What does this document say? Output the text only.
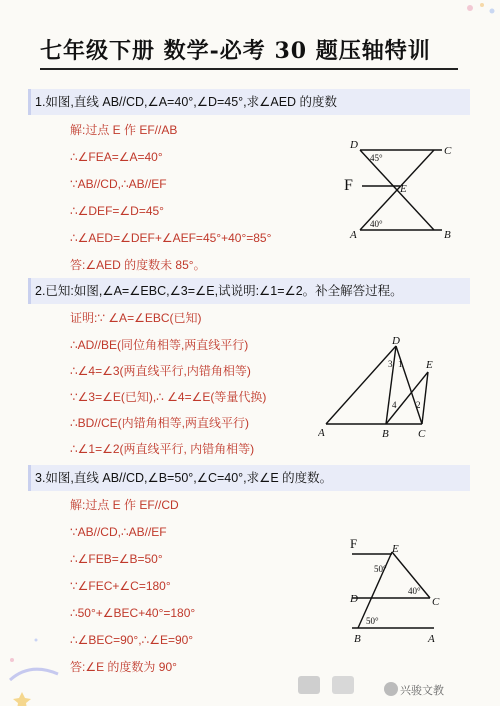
七年级下册 数学-必考 30 题压轴特训
1.如图,直线 AB//CD,∠A=40°,∠D=45°,求∠AED 的度数
解:过点 E 作 EF//AB
∴∠FEA=∠A=40°
∵AB//CD,∴AB//EF
∴∠DEF=∠D=45°
∴∠AED=∠DEF+∠AEF=45°+40°=85°
答:∠AED 的度数未 85°。
D	C
F	E
A	B
45°
40°
2.已知:如图,∠A=∠EBC,∠3=∠E,试说明:∠1=∠2。补全解答过程。
证明:∵ ∠A=∠EBC(已知)
∴AD//BE(同位角相等,两直线平行)
∴∠4=∠3(两直线平行,内错角相等)
∵∠3=∠E(已知),∴ ∠4=∠E(等量代换)
∴BD//CE(内错角相等,两直线平行)
∴∠1=∠2(两直线平行, 内错角相等)
D
E
A	B	C
1
2
3
4
3.如图,直线 AB//CD,∠B=50°,∠C=40°,求∠E 的度数。
解:过点 E 作 EF//CD
∵AB//CD,∴AB//EF
∴∠FEB=∠B=50°
∵∠FEC+∠C=180°
∴50°+∠BEC+40°=180°
∴∠BEC=90°,∴∠E=90°
答:∠E 的度数为 90°
F	E
D	C
B	A
50°
40°
50°
兴骏文教
